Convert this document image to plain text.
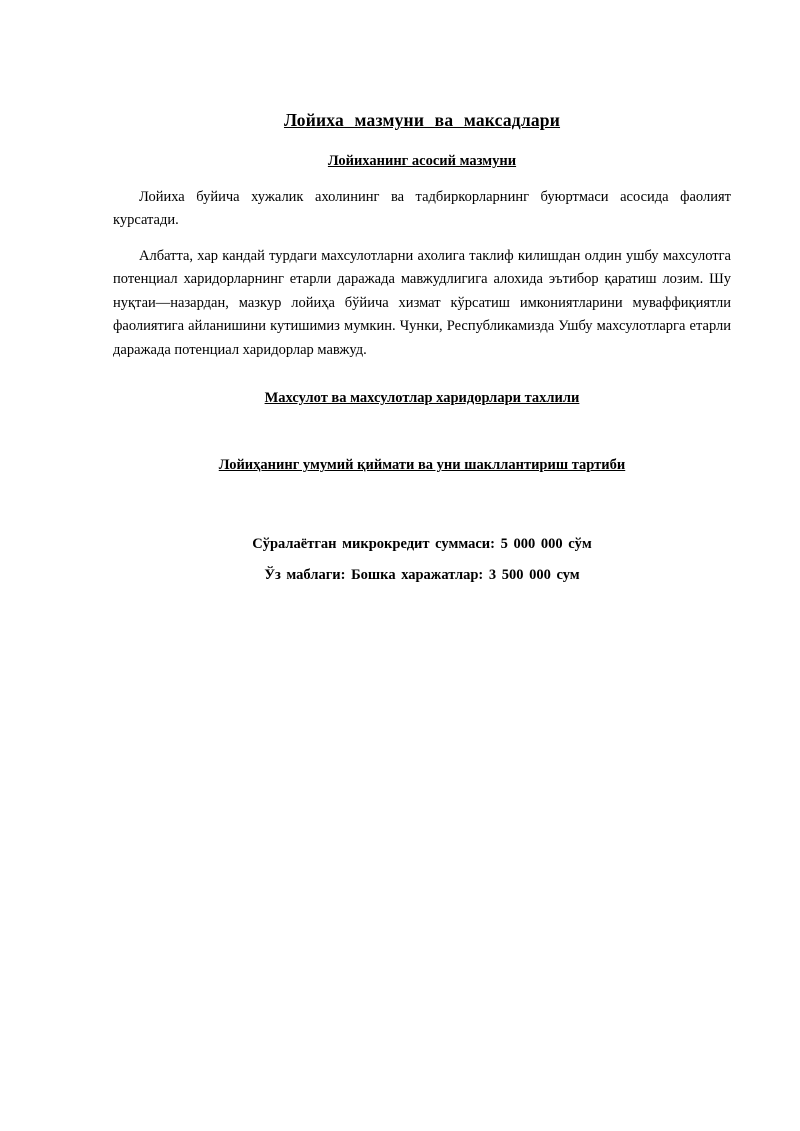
Лойиха мазмуни ва максадлари
Лойиханинг асосий мазмуни

Лойиха буйича хужалик ахолининг ва тадбиркорларнинг буюртмаси асосида фаолият курсатади.

Албатта, хар кандай турдаги махсулотларни ахолига таклиф килишдан олдин ушбу махсулотга потенциал харидорларнинг етарли даражада мавжудлигига алохида эътибор қаратиш лозим. Шу нуқтаи—назардан, мазкур лойиҳа бўйича хизмат кўрсатиш имкониятларини муваффиқиятли фаолиятига айланишини кутишимиз мумкин. Чунки, Республикамизда Ушбу махсулотларга етарли даражада потенциал харидорлар мавжуд.

Махсулот ва махсулотлар харидорлари тахлили
Лойиҳанинг умумий қиймати ва уни шакллантириш тартиби

Сўралаётган микрокредит суммаси: 5 000 000 сўм

Ўз маблаги: Бошка харажатлар: 3 500 000 сум
